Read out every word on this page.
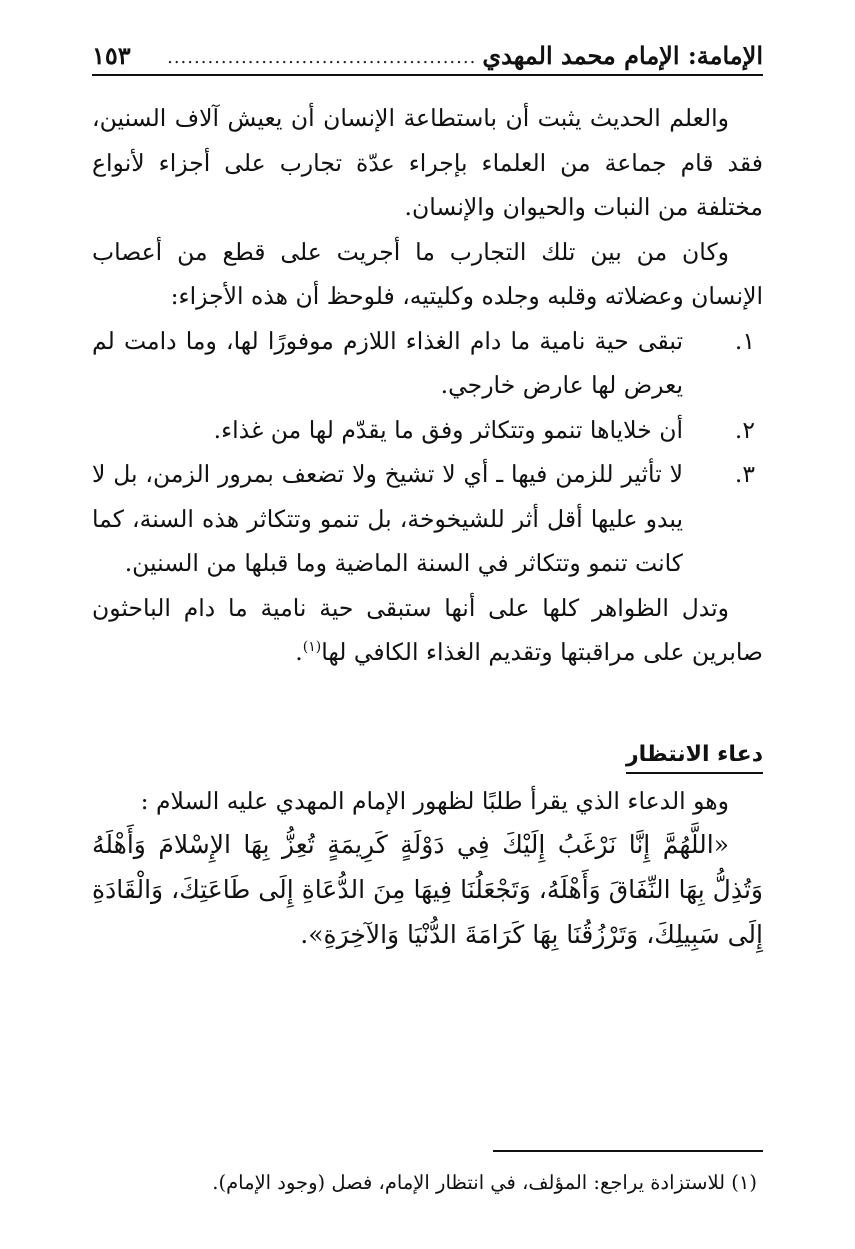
الإمامة: الإمام محمد المهدي
..............................................
١٥٣

والعلم الحديث يثبت أن باستطاعة الإنسان أن يعيش آلاف السنين، فقد قام جماعة من العلماء بإجراء عدّة تجارب على أجزاء لأنواع مختلفة من النبات والحيوان والإنسان.

وكان من بين تلك التجارب ما أجريت على قطع من أعصاب الإنسان وعضلاته وقلبه وجلده وكليتيه، فلوحظ أن هذه الأجزاء:

١.
تبقى حية نامية ما دام الغذاء اللازم موفورًا لها، وما دامت لم يعرض لها عارض خارجي.
٢.
أن خلاياها تنمو وتتكاثر وفق ما يقدّم لها من غذاء.
٣.
لا تأثير للزمن فيها ـ أي لا تشيخ ولا تضعف بمرور الزمن، بل لا يبدو عليها أقل أثر للشيخوخة، بل تنمو وتتكاثر هذه السنة، كما كانت تنمو وتتكاثر في السنة الماضية وما قبلها من السنين.

وتدل الظواهر كلها على أنها ستبقى حية نامية ما دام الباحثون صابرين على مراقبتها وتقديم الغذاء الكافي لها$^{(١)}$.

دعاء الانتظار

وهو الدعاء الذي يقرأ طلبًا لظهور الإمام المهدي عليه السلام :

«اللَّهُمَّ إِنَّا نَرْغَبُ إِلَيْكَ فِي دَوْلَةٍ كَرِيمَةٍ تُعِزُّ بِهَا الإِسْلامَ وَأَهْلَهُ وَتُذِلُّ بِهَا النِّفَاقَ وَأَهْلَهُ، وَتَجْعَلُنَا فِيهَا مِنَ الدُّعَاةِ إِلَى طَاعَتِكَ، وَالْقَادَةِ إِلَى سَبِيلِكَ، وَتَرْزُقُنَا بِهَا كَرَامَةَ الدُّنْيَا وَالآخِرَةِ».

(١) للاستزادة يراجع: المؤلف، في انتظار الإمام، فصل (وجود الإمام).
